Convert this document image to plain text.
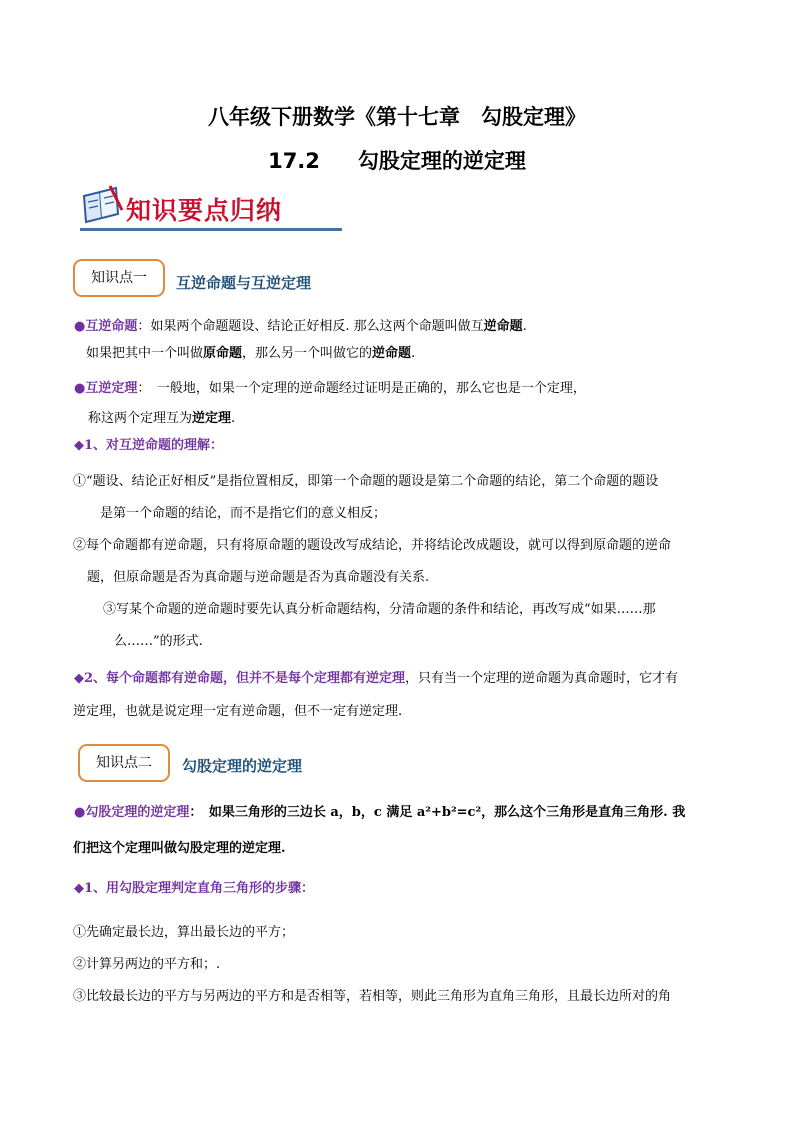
八年级下册数学《第十七章　勾股定理》
17.2 勾股定理的逆定理
知识要点归纳
知识点一	互逆命题与互逆定理
●互逆命题：如果两个命题题设、结论正好相反. 那么这两个命题叫做互逆命题.
如果把其中一个叫做原命题，那么另一个叫做它的逆命题.
●互逆定理：　一般地，如果一个定理的逆命题经过证明是正确的，那么它也是一个定理，
称这两个定理互为逆定理.
◆1、对互逆命题的理解：
①“题设、结论正好相反”是指位置相反，即第一个命题的题设是第二个命题的结论，第二个命题的题设
是第一个命题的结论，而不是指它们的意义相反；
②每个命题都有逆命题，只有将原命题的题设改写成结论，并将结论改成题设，就可以得到原命题的逆命
题，但原命题是否为真命题与逆命题是否为真命题没有关系.
③写某个命题的逆命题时要先认真分析命题结构，分清命题的条件和结论，再改写成“如果……那
么……”的形式.
◆2、每个命题都有逆命题，但并不是每个定理都有逆定理，只有当一个定理的逆命题为真命题时，它才有
逆定理，也就是说定理一定有逆命题，但不一定有逆定理.
知识点二	勾股定理的逆定理
●勾股定理的逆定理：　如果三角形的三边长 a，b，c 满足 a²+b²=c²，那么这个三角形是直角三角形. 我
们把这个定理叫做勾股定理的逆定理.
◆1、用勾股定理判定直角三角形的步骤：
①先确定最长边，算出最长边的平方；
②计算另两边的平方和；.
③比较最长边的平方与另两边的平方和是否相等，若相等，则此三角形为直角三角形，且最长边所对的角
